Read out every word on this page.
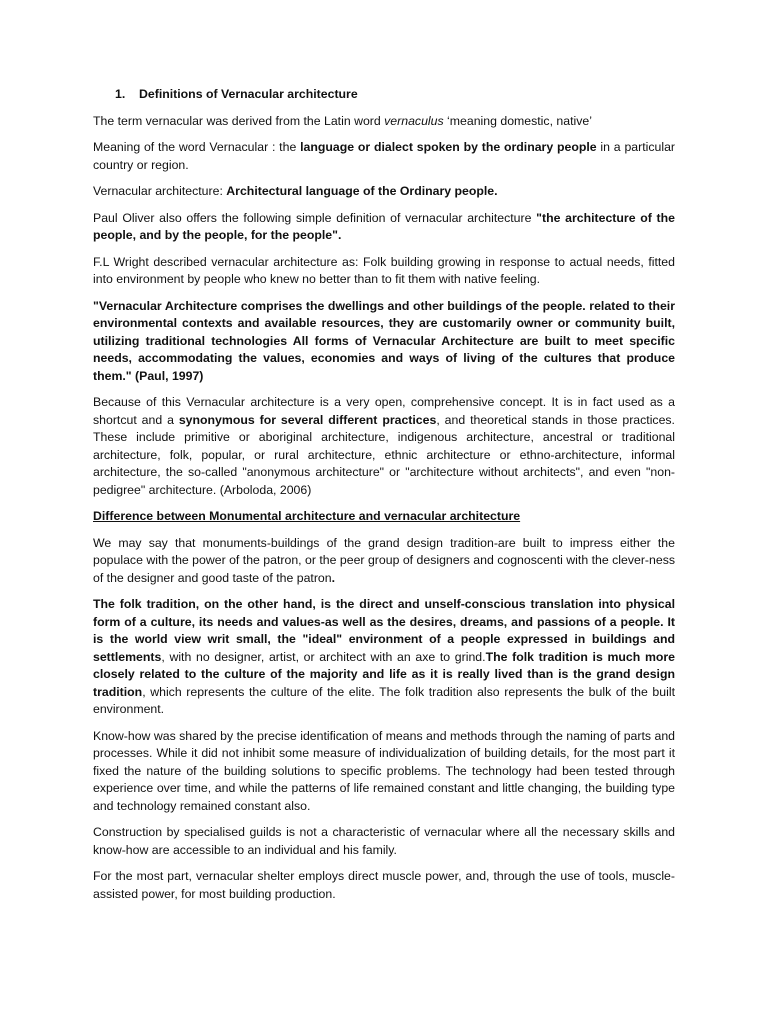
1. Definitions of Vernacular architecture

The term vernacular was derived from the Latin word vernaculus ‘meaning domestic, native’

Meaning of the word Vernacular : the language or dialect spoken by the ordinary people in a particular country or region.

Vernacular architecture: Architectural language of the Ordinary people.

Paul Oliver also offers the following simple definition of vernacular architecture "the architecture of the people, and by the people, for the people".

F.L Wright described vernacular architecture as: Folk building growing in response to actual needs, fitted into environment by people who knew no better than to fit them with native feeling.

"Vernacular Architecture comprises the dwellings and other buildings of the people. related to their environmental contexts and available resources, they are customarily owner or community built, utilizing traditional technologies All forms of Vernacular Architecture are built to meet specific needs, accommodating the values, economies and ways of living of the cultures that produce them." (Paul, 1997)

Because of this Vernacular architecture is a very open, comprehensive concept. It is in fact used as a shortcut and a synonymous for several different practices, and theoretical stands in those practices. These include primitive or aboriginal architecture, indigenous architecture, ancestral or traditional architecture, folk, popular, or rural architecture, ethnic architecture or ethno-architecture, informal architecture, the so-called "anonymous architecture" or "architecture without architects", and even "non-pedigree" architecture. (Arboloda, 2006)

Difference between Monumental architecture and vernacular architecture

We may say that monuments-buildings of the grand design tradition-are built to impress either the populace with the power of the patron, or the peer group of designers and cognoscenti with the clever-ness of the designer and good taste of the patron.

The folk tradition, on the other hand, is the direct and unself-conscious translation into physical form of a culture, its needs and values-as well as the desires, dreams, and passions of a people. It is the world view writ small, the "ideal" environment of a people expressed in buildings and settlements, with no designer, artist, or architect with an axe to grind.The folk tradition is much more closely related to the culture of the majority and life as it is really lived than is the grand design tradition, which represents the culture of the elite. The folk tradition also represents the bulk of the built environment.

Know-how was shared by the precise identification of means and methods through the naming of parts and processes. While it did not inhibit some measure of individualization of building details, for the most part it fixed the nature of the building solutions to specific problems. The technology had been tested through experience over time, and while the patterns of life remained constant and little changing, the building type and technology remained constant also.

Construction by specialised guilds is not a characteristic of vernacular where all the necessary skills and know-how are accessible to an individual and his family.

For the most part, vernacular shelter employs direct muscle power, and, through the use of tools, muscle-assisted power, for most building production.
